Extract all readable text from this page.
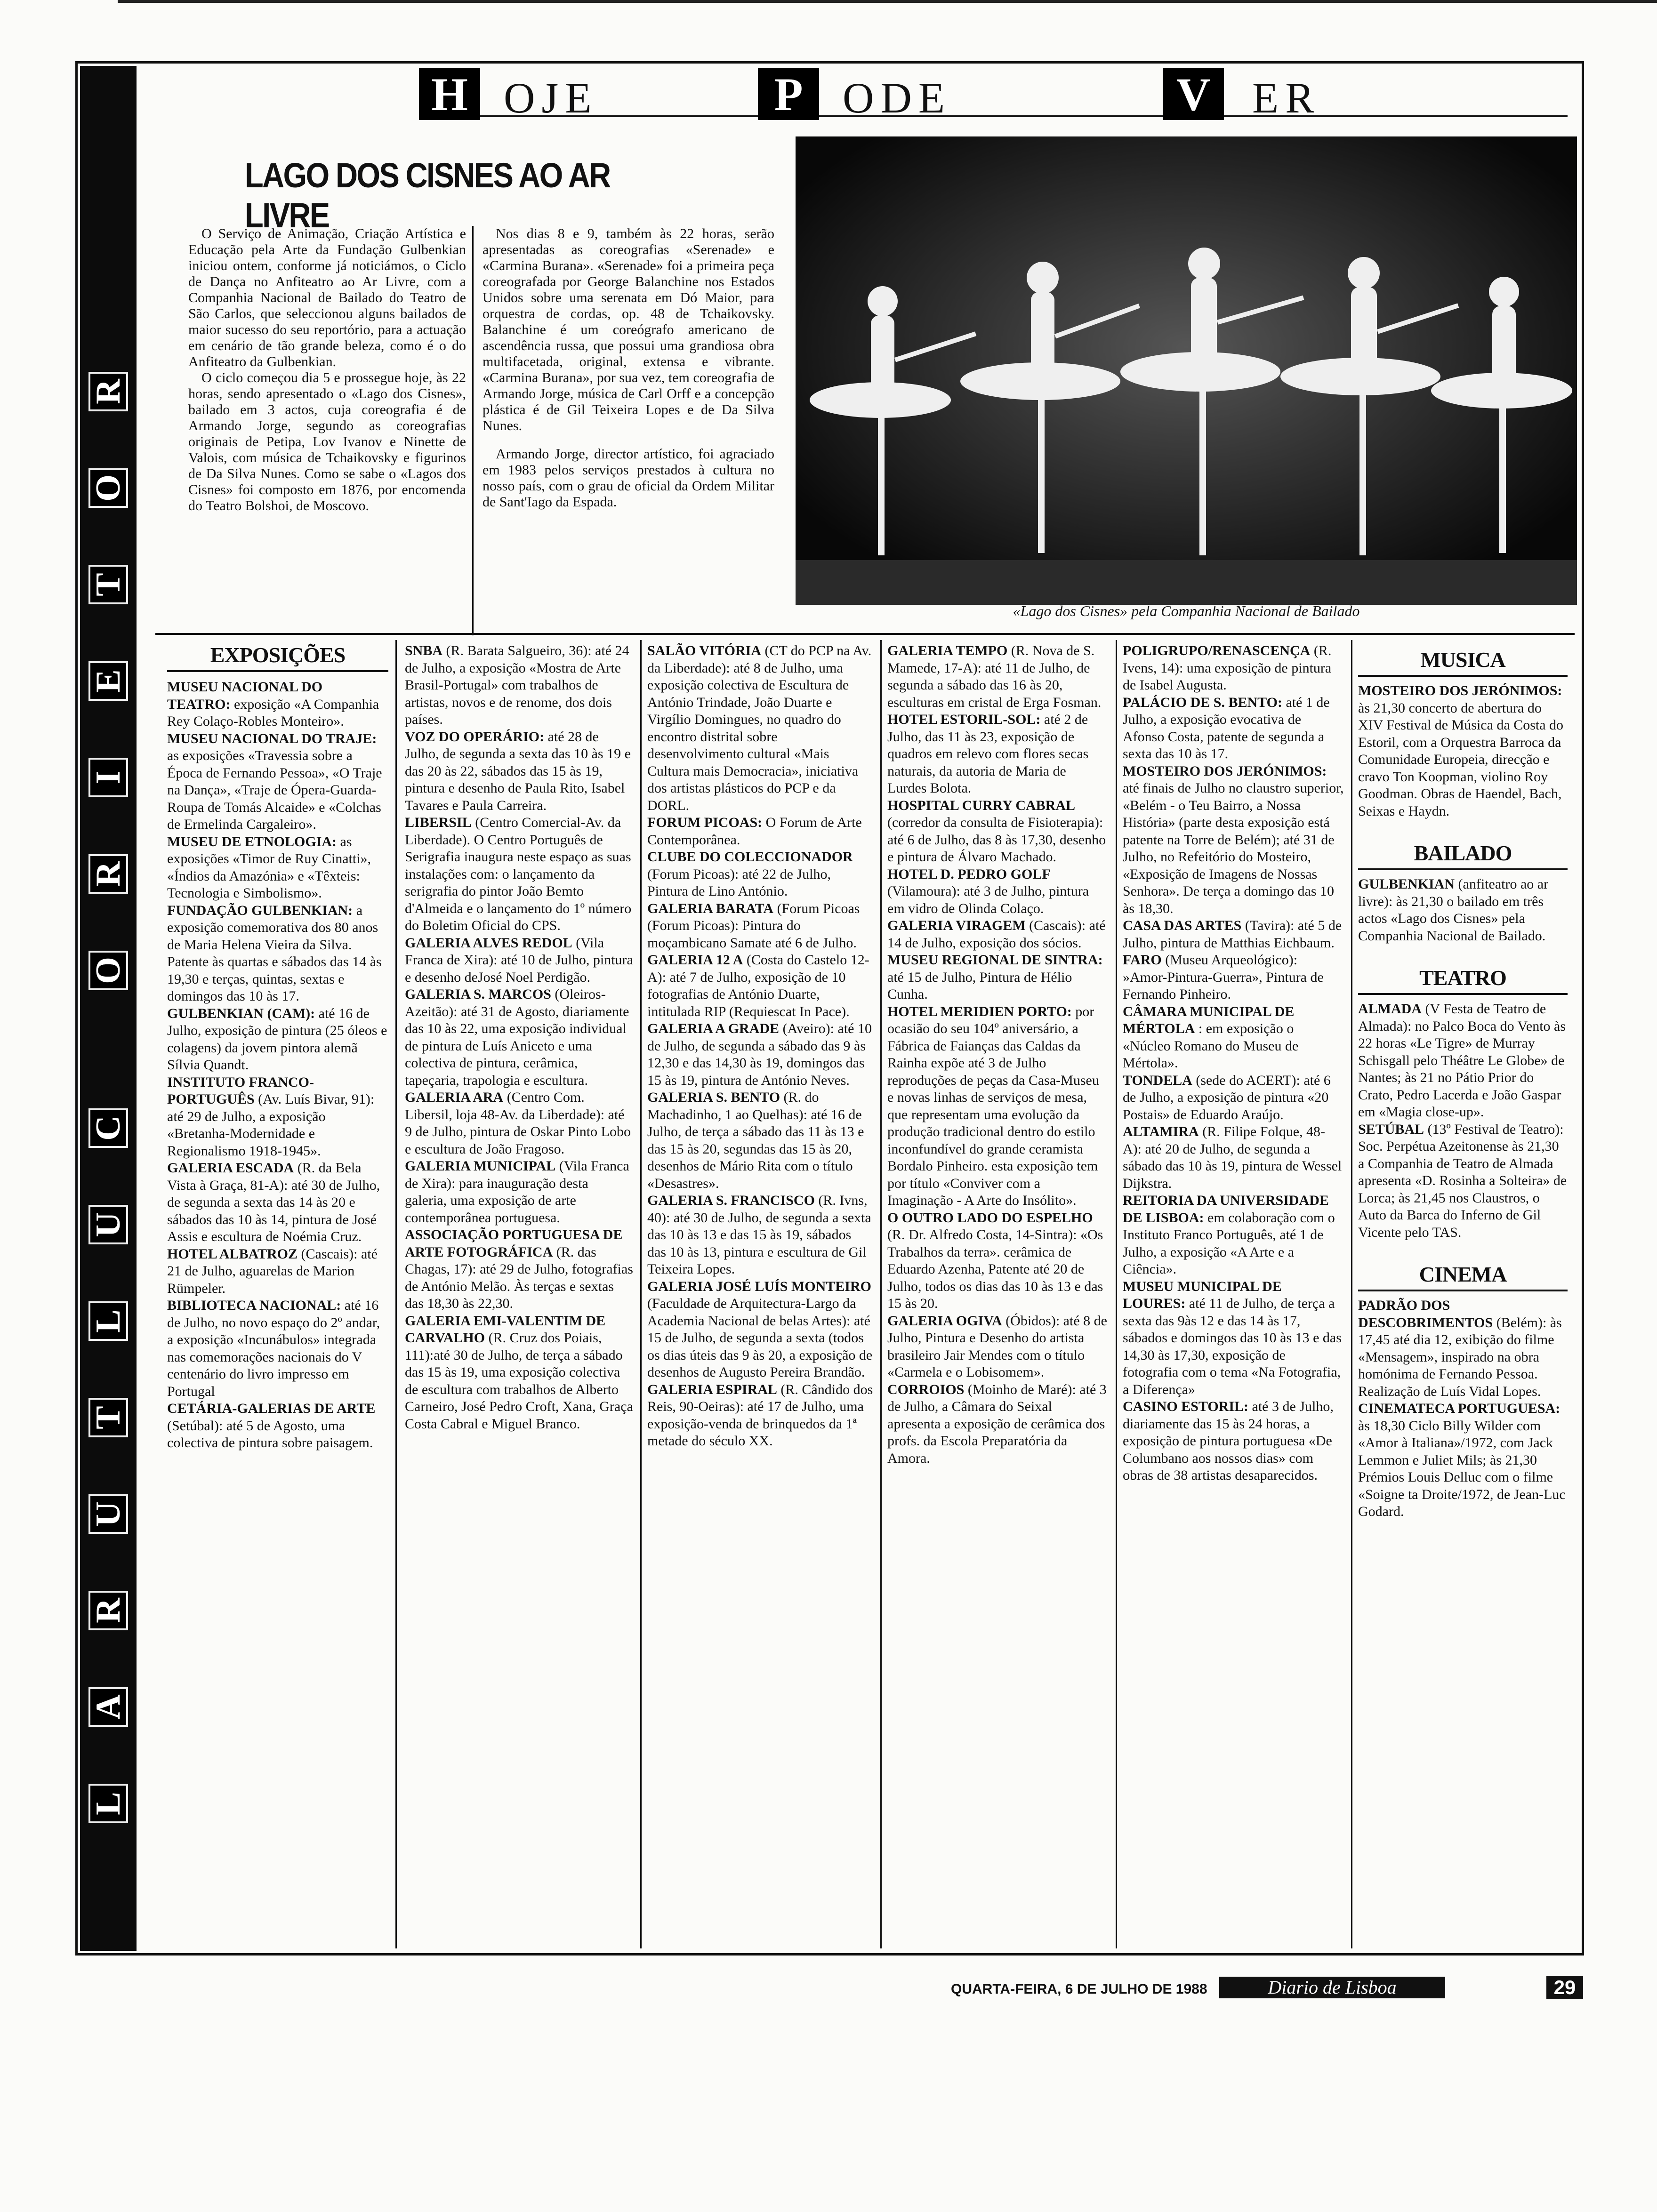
R
O
T
E
I
R
O
C
U
L
T
U
R
A
L
H OJE	P ODE	V ER
LAGO DOS CISNES AO AR LIVRE

O Serviço de Animação, Criação Artística e Educação pela Arte da Fundação Gulbenkian iniciou ontem, conforme já noticiámos, o Ciclo de Dança no Anfiteatro ao Ar Livre, com a Companhia Nacional de Bailado do Teatro de São Carlos, que seleccionou alguns bailados de maior sucesso do seu reportório, para a actuação em cenário de tão grande beleza, como é o do Anfiteatro da Gulbenkian.

O ciclo começou dia 5 e prossegue hoje, às 22 horas, sendo apresentado o «Lago dos Cisnes», bailado em 3 actos, cuja coreografia é de Armando Jorge, segundo as coreografias originais de Petipa, Lov Ivanov e Ninette de Valois, com música de Tchaikovsky e figurinos de Da Silva Nunes. Como se sabe o «Lagos dos Cisnes» foi composto em 1876, por encomenda do Teatro Bolshoi, de Moscovo.

Nos dias 8 e 9, também às 22 horas, serão apresentadas as coreografias «Serenade» e «Carmina Burana». «Serenade» foi a primeira peça coreografada por George Balanchine nos Estados Unidos sobre uma serenata em Dó Maior, para orquestra de cordas, op. 48 de Tchaikovsky. Balanchine é um coreógrafo americano de ascendência russa, que possui uma grandiosa obra multifacetada, original, extensa e vibrante. «Carmina Burana», por sua vez, tem coreografia de Armando Jorge, música de Carl Orff e a concepção plástica é de Gil Teixeira Lopes e de Da Silva Nunes.

Armando Jorge, director artístico, foi agraciado em 1983 pelos serviços prestados à cultura no nosso país, com o grau de oficial da Ordem Militar de Sant'Iago da Espada.

«Lago dos Cisnes» pela Companhia Nacional de Bailado
EXPOSIÇÕES

MUSEU NACIONAL DO TEATRO: exposição «A Companhia Rey Colaço-Robles Monteiro».

MUSEU NACIONAL DO TRAJE: as exposições «Travessia sobre a Época de Fernando Pessoa», «O Traje na Dança», «Traje de Ópera-Guarda-Roupa de Tomás Alcaide» e «Colchas de Ermelinda Cargaleiro».

MUSEU DE ETNOLOGIA: as exposições «Timor de Ruy Cinatti», «Índios da Amazónia» e «Têxteis: Tecnologia e Simbolismo».

FUNDAÇÃO GULBENKIAN: a exposição comemorativa dos 80 anos de Maria Helena Vieira da Silva. Patente às quartas e sábados das 14 às 19,30 e terças, quintas, sextas e domingos das 10 às 17.

GULBENKIAN (CAM): até 16 de Julho, exposição de pintura (25 óleos e colagens) da jovem pintora alemã Sílvia Quandt.

INSTITUTO FRANCO-PORTUGUÊS (Av. Luís Bivar, 91): até 29 de Julho, a exposição «Bretanha-Modernidade e Regionalismo 1918-1945».

GALERIA ESCADA (R. da Bela Vista à Graça, 81-A): até 30 de Julho, de segunda a sexta das 14 às 20 e sábados das 10 às 14, pintura de José Assis e escultura de Noémia Cruz.

HOTEL ALBATROZ (Cascais): até 21 de Julho, aguarelas de Marion Rümpeler.

BIBLIOTECA NACIONAL: até 16 de Julho, no novo espaço do 2º andar, a exposição «Incunábulos» integrada nas comemorações nacionais do V centenário do livro impresso em Portugal

CETÁRIA-GALERIAS DE ARTE (Setúbal): até 5 de Agosto, uma colectiva de pintura sobre paisagem.

SNBA (R. Barata Salgueiro, 36): até 24 de Julho, a exposição «Mostra de Arte Brasil-Portugal» com trabalhos de artistas, novos e de renome, dos dois países.

VOZ DO OPERÁRIO: até 28 de Julho, de segunda a sexta das 10 às 19 e das 20 às 22, sábados das 15 às 19, pintura e desenho de Paula Rito, Isabel Tavares e Paula Carreira.

LIBERSIL (Centro Comercial-Av. da Liberdade). O Centro Português de Serigrafia inaugura neste espaço as suas instalações com: o lançamento da serigrafia do pintor João Bemto d'Almeida e o lançamento do 1º número do Boletim Oficial do CPS.

GALERIA ALVES REDOL (Vila Franca de Xira): até 10 de Julho, pintura e desenho deJosé Noel Perdigão.

GALERIA S. MARCOS (Oleiros-Azeitão): até 31 de Agosto, diariamente das 10 às 22, uma exposição individual de pintura de Luís Aniceto e uma colectiva de pintura, cerâmica, tapeçaria, trapologia e escultura.

GALERIA ARA (Centro Com. Libersil, loja 48-Av. da Liberdade): até 9 de Julho, pintura de Oskar Pinto Lobo e escultura de João Fragoso.

GALERIA MUNICIPAL (Vila Franca de Xira): para inauguração desta galeria, uma exposição de arte contemporânea portuguesa.

ASSOCIAÇÃO PORTUGUESA DE ARTE FOTOGRÁFICA (R. das Chagas, 17): até 29 de Julho, fotografias de António Melão. Às terças e sextas das 18,30 às 22,30.

GALERIA EMI-VALENTIM DE CARVALHO (R. Cruz dos Poiais, 111):até 30 de Julho, de terça a sábado das 15 às 19, uma exposição colectiva de escultura com trabalhos de Alberto Carneiro, José Pedro Croft, Xana, Graça Costa Cabral e Miguel Branco.

SALÃO VITÓRIA (CT do PCP na Av. da Liberdade): até 8 de Julho, uma exposição colectiva de Escultura de António Trindade, João Duarte e Virgílio Domingues, no quadro do encontro distrital sobre desenvolvimento cultural «Mais Cultura mais Democracia», iniciativa dos artistas plásticos do PCP e da DORL.

FORUM PICOAS: O Forum de Arte Contemporânea.

CLUBE DO COLECCIONADOR (Forum Picoas): até 22 de Julho, Pintura de Lino António.

GALERIA BARATA (Forum Picoas (Forum Picoas): Pintura do moçambicano Samate até 6 de Julho.

GALERIA 12 A (Costa do Castelo 12-A): até 7 de Julho, exposição de 10 fotografias de António Duarte, intitulada RIP (Requiescat In Pace).

GALERIA A GRADE (Aveiro): até 10 de Julho, de segunda a sábado das 9 às 12,30 e das 14,30 às 19, domingos das 15 às 19, pintura de António Neves.

GALERIA S. BENTO (R. do Machadinho, 1 ao Quelhas): até 16 de Julho, de terça a sábado das 11 às 13 e das 15 às 20, segundas das 15 às 20, desenhos de Mário Rita com o título «Desastres».

GALERIA S. FRANCISCO (R. Ivns, 40): até 30 de Julho, de segunda a sexta das 10 às 13 e das 15 às 19, sábados das 10 às 13, pintura e escultura de Gil Teixeira Lopes.

GALERIA JOSÉ LUÍS MONTEIRO (Faculdade de Arquitectura-Largo da Academia Nacional de belas Artes): até 15 de Julho, de segunda a sexta (todos os dias úteis das 9 às 20, a exposição de desenhos de Augusto Pereira Brandão.

GALERIA ESPIRAL (R. Cândido dos Reis, 90-Oeiras): até 17 de Julho, uma exposição-venda de brinquedos da 1ª metade do século XX.

GALERIA TEMPO (R. Nova de S. Mamede, 17-A): até 11 de Julho, de segunda a sábado das 16 às 20, esculturas em cristal de Erga Fosman.

HOTEL ESTORIL-SOL: até 2 de Julho, das 11 às 23, exposição de quadros em relevo com flores secas naturais, da autoria de Maria de Lurdes Bolota.

HOSPITAL CURRY CABRAL (corredor da consulta de Fisioterapia): até 6 de Julho, das 8 às 17,30, desenho e pintura de Álvaro Machado.

HOTEL D. PEDRO GOLF (Vilamoura): até 3 de Julho, pintura em vidro de Olinda Colaço.

GALERIA VIRAGEM (Cascais): até 14 de Julho, exposição dos sócios.

MUSEU REGIONAL DE SINTRA: até 15 de Julho, Pintura de Hélio Cunha.

HOTEL MERIDIEN PORTO: por ocasião do seu 104º aniversário, a Fábrica de Faianças das Caldas da Rainha expõe até 3 de Julho reproduções de peças da Casa-Museu e novas linhas de serviços de mesa, que representam uma evolução da produção tradicional dentro do estilo inconfundível do grande ceramista Bordalo Pinheiro. esta exposição tem por título «Conviver com a Imaginação - A Arte do Insólito».

O OUTRO LADO DO ESPELHO (R. Dr. Alfredo Costa, 14-Sintra): «Os Trabalhos da terra». cerâmica de Eduardo Azenha, Patente até 20 de Julho, todos os dias das 10 às 13 e das 15 às 20.

GALERIA OGIVA (Óbidos): até 8 de Julho, Pintura e Desenho do artista brasileiro Jair Mendes com o título «Carmela e o Lobisomem».

CORROIOS (Moinho de Maré): até 3 de Julho, a Câmara do Seixal apresenta a exposição de cerâmica dos profs. da Escola Preparatória da Amora.

POLIGRUPO/RENASCENÇA (R. Ivens, 14): uma exposição de pintura de Isabel Augusta.

PALÁCIO DE S. BENTO: até 1 de Julho, a exposição evocativa de Afonso Costa, patente de segunda a sexta das 10 às 17.

MOSTEIRO DOS JERÓNIMOS: até finais de Julho no claustro superior, «Belém - o Teu Bairro, a Nossa História» (parte desta exposição está patente na Torre de Belém); até 31 de Julho, no Refeitório do Mosteiro, «Exposição de Imagens de Nossas Senhora». De terça a domingo das 10 às 18,30.

CASA DAS ARTES (Tavira): até 5 de Julho, pintura de Matthias Eichbaum.

FARO (Museu Arqueológico): »Amor-Pintura-Guerra», Pintura de Fernando Pinheiro.

CÂMARA MUNICIPAL DE MÉRTOLA : em exposição o «Núcleo Romano do Museu de Mértola».

TONDELA (sede do ACERT): até 6 de Julho, a exposição de pintura «20 Postais» de Eduardo Araújo.

ALTAMIRA (R. Filipe Folque, 48-A): até 20 de Julho, de segunda a sábado das 10 às 19, pintura de Wessel Dijkstra.

REITORIA DA UNIVERSIDADE DE LISBOA: em colaboração com o Instituto Franco Português, até 1 de Julho, a exposição «A Arte e a Ciência».

MUSEU MUNICIPAL DE LOURES: até 11 de Julho, de terça a sexta das 9às 12 e das 14 às 17, sábados e domingos das 10 às 13 e das 14,30 às 17,30, exposição de fotografia com o tema «Na Fotografia, a Diferença»

CASINO ESTORIL: até 3 de Julho, diariamente das 15 às 24 horas, a exposição de pintura portuguesa «De Columbano aos nossos dias» com obras de 38 artistas desaparecidos.

MUSICA

MOSTEIRO DOS JERÓNIMOS: às 21,30 concerto de abertura do XIV Festival de Música da Costa do Estoril, com a Orquestra Barroca da Comunidade Europeia, direcção e cravo Ton Koopman, violino Roy Goodman. Obras de Haendel, Bach, Seixas e Haydn.

BAILADO

GULBENKIAN (anfiteatro ao ar livre): às 21,30 o bailado em três actos «Lago dos Cisnes» pela Companhia Nacional de Bailado.

TEATRO

ALMADA (V Festa de Teatro de Almada): no Palco Boca do Vento às 22 horas «Le Tigre» de Murray Schisgall pelo Théâtre Le Globe» de Nantes; às 21 no Pátio Prior do Crato, Pedro Lacerda e João Gaspar em «Magia close-up».

SETÚBAL (13º Festival de Teatro): Soc. Perpétua Azeitonense às 21,30 a Companhia de Teatro de Almada apresenta «D. Rosinha a Solteira» de Lorca; às 21,45 nos Claustros, o Auto da Barca do Inferno de Gil Vicente pelo TAS.

CINEMA

PADRÃO DOS DESCOBRIMENTOS (Belém): às 17,45 até dia 12, exibição do filme «Mensagem», inspirado na obra homónima de Fernando Pessoa. Realização de Luís Vidal Lopes.

CINEMATECA PORTUGUESA: às 18,30 Ciclo Billy Wilder com «Amor à Italiana»/1972, com Jack Lemmon e Juliet Mils; às 21,30 Prémios Louis Delluc com o filme «Soigne ta Droite/1972, de Jean-Luc Godard.

QUARTA-FEIRA, 6 DE JULHO DE 1988	Diario de Lisboa	29
